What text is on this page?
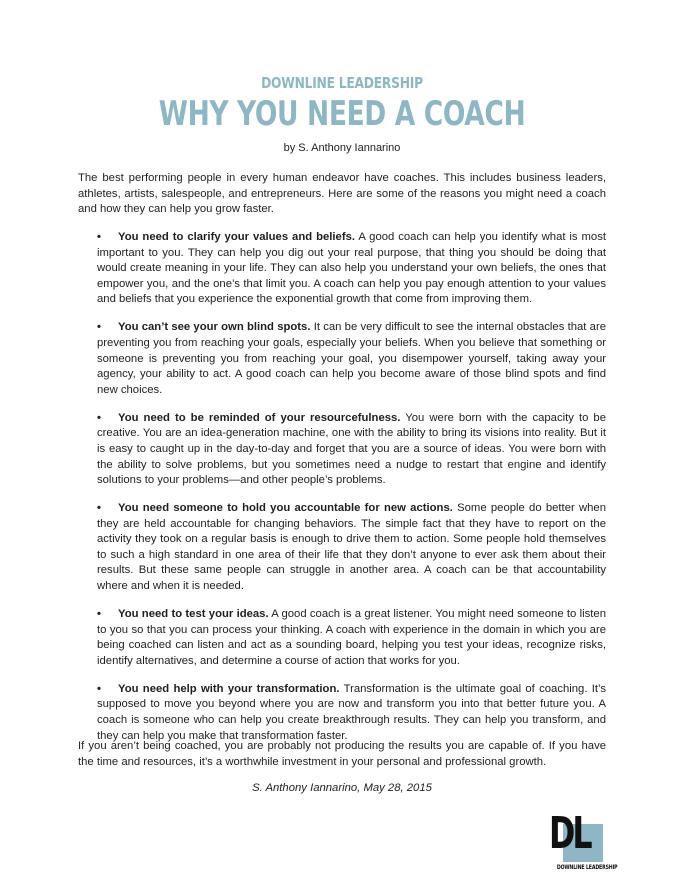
DOWNLINE LEADERSHIP
WHY YOU NEED A COACH
by S. Anthony Iannarino

The best performing people in every human endeavor have coaches. This includes business leaders, athletes, artists, salespeople, and entrepreneurs. Here are some of the reasons you might need a coach and how they can help you grow faster.

• You need to clarify your values and beliefs. A good coach can help you identify what is most important to you. They can help you dig out your real purpose, that thing you should be doing that would create meaning in your life. They can also help you understand your own beliefs, the ones that empower you, and the one’s that limit you. A coach can help you pay enough attention to your values and beliefs that you experience the exponential growth that come from improving them.

• You can’t see your own blind spots. It can be very difficult to see the internal obstacles that are preventing you from reaching your goals, especially your beliefs. When you believe that something or someone is preventing you from reaching your goal, you disempower yourself, taking away your agency, your ability to act. A good coach can help you become aware of those blind spots and find new choices.

• You need to be reminded of your resourcefulness. You were born with the capacity to be creative. You are an idea-generation machine, one with the ability to bring its visions into reality. But it is easy to caught up in the day-to-day and forget that you are a source of ideas. You were born with the ability to solve problems, but you sometimes need a nudge to restart that engine and identify solutions to your problems—and other people’s problems.

• You need someone to hold you accountable for new actions. Some people do better when they are held accountable for changing behaviors. The simple fact that they have to report on the activity they took on a regular basis is enough to drive them to action. Some people hold themselves to such a high standard in one area of their life that they don’t anyone to ever ask them about their results. But these same people can struggle in another area. A coach can be that accountability where and when it is needed.

• You need to test your ideas. A good coach is a great listener. You might need someone to listen to you so that you can process your thinking. A coach with experience in the domain in which you are being coached can listen and act as a sounding board, helping you test your ideas, recognize risks, identify alternatives, and determine a course of action that works for you.

• You need help with your transformation. Transformation is the ultimate goal of coaching. It’s supposed to move you beyond where you are now and transform you into that better future you. A coach is someone who can help you create breakthrough results. They can help you transform, and they can help you make that transformation faster.

If you aren’t being coached, you are probably not producing the results you are capable of. If you have the time and resources, it’s a worthwhile investment in your personal and professional growth.

S. Anthony Iannarino, May 28, 2015
DL
DOWNLINE LEADERSHIP
